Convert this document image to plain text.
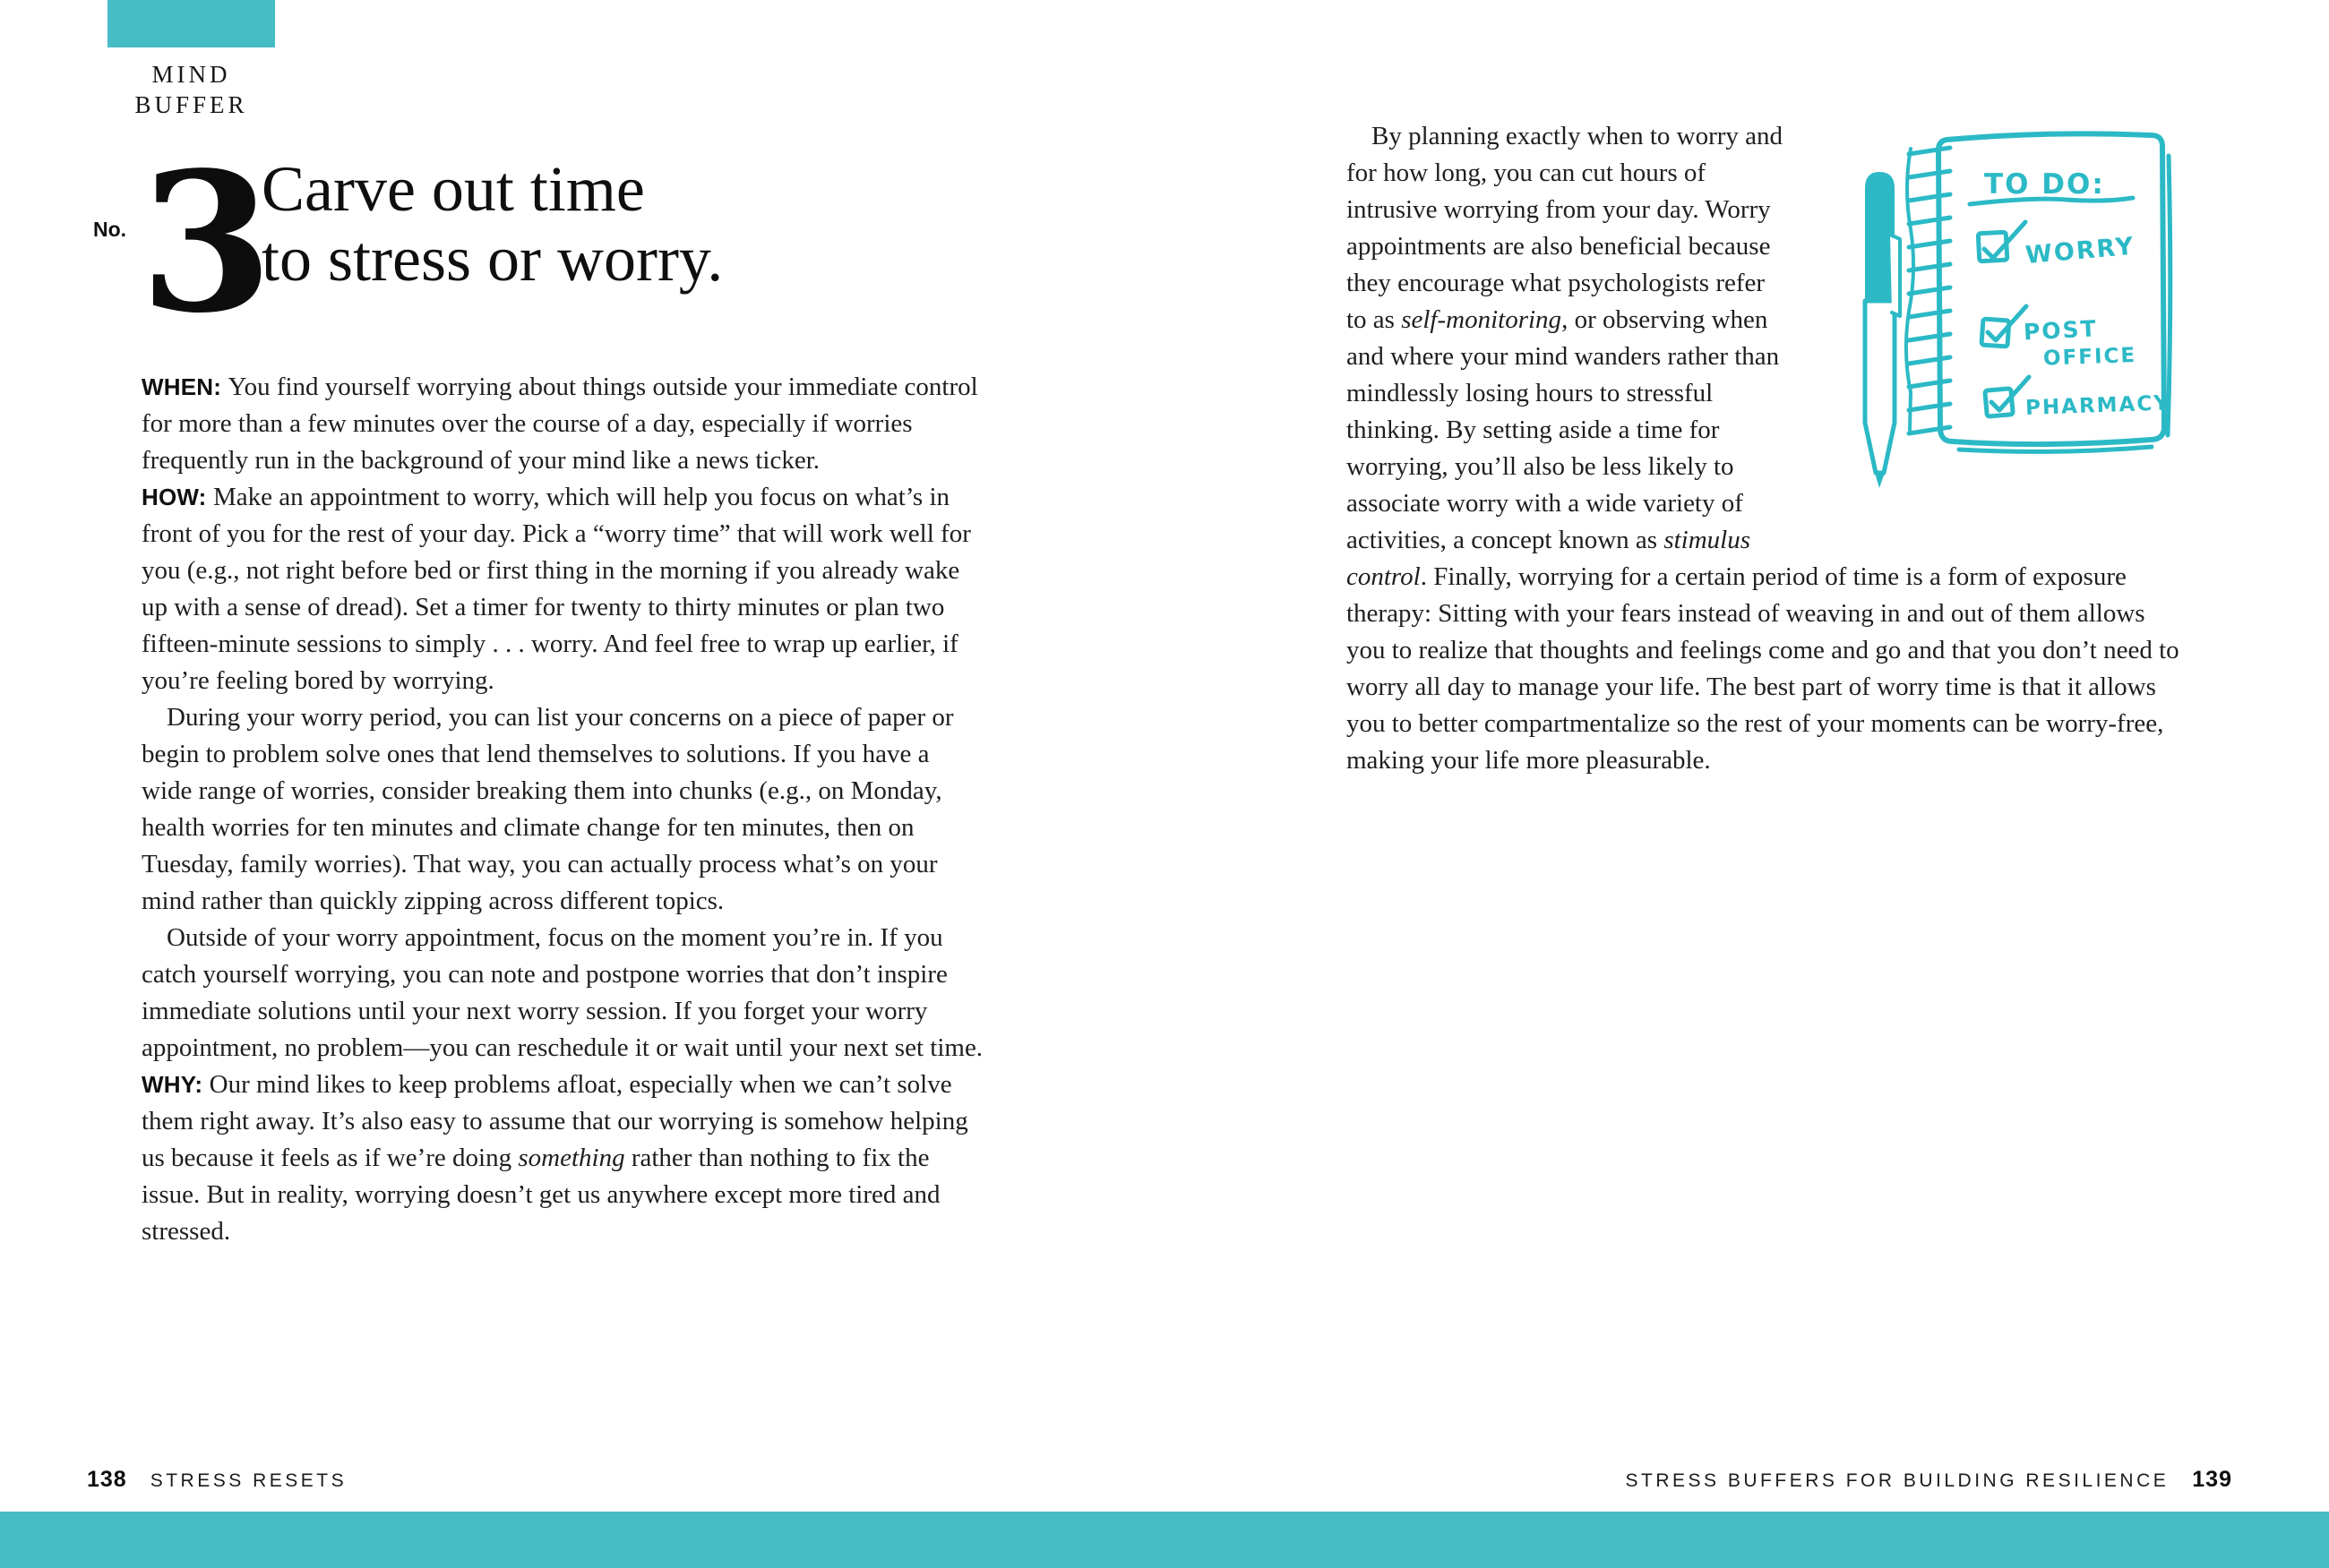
MIND
BUFFER
No. 3
Carve out time
to stress or worry.

WHEN: You find yourself worrying about things outside your immediate control for more than a few minutes over the course of a day, especially if worries frequently run in the background of your mind like a news ticker.

HOW: Make an appointment to worry, which will help you focus on what’s in front of you for the rest of your day. Pick a “worry time” that will work well for you (e.g., not right before bed or first thing in the morning if you already wake up with a sense of dread). Set a timer for twenty to thirty minutes or plan two fifteen-minute sessions to simply . . . worry. And feel free to wrap up earlier, if you’re feeling bored by worrying.

During your worry period, you can list your concerns on a piece of paper or begin to problem solve ones that lend themselves to solutions. If you have a wide range of worries, consider breaking them into chunks (e.g., on Monday, health worries for ten minutes and climate change for ten minutes, then on Tuesday, family worries). That way, you can actually process what’s on your mind rather than quickly zipping across different topics.

Outside of your worry appointment, focus on the moment you’re in. If you catch yourself worrying, you can note and postpone worries that don’t inspire immediate solutions until your next worry session. If you forget your worry appointment, no problem—you can reschedule it or wait until your next set time.

WHY: Our mind likes to keep problems afloat, especially when we can’t solve them right away. It’s also easy to assume that our worrying is somehow helping us because it feels as if we’re doing something rather than nothing to fix the issue. But in reality, worrying doesn’t get us anywhere except more tired and stressed.

138 STRESS RESETS
TO DO:
WORRY
POST
OFFICE
PHARMACY

By planning exactly when to worry and for how long, you can cut hours of intrusive worrying from your day. Worry appointments are also beneficial because they encourage what psychologists refer to as self-monitoring, or observing when and where your mind wanders rather than mindlessly losing hours to stressful thinking. By setting aside a time for worrying, you’ll also be less likely to associate worry with a wide variety of activities, a concept known as stimulus control. Finally, worrying for a certain period of time is a form of exposure therapy: Sitting with your fears instead of weaving in and out of them allows you to realize that thoughts and feelings come and go and that you don’t need to worry all day to manage your life. The best part of worry time is that it allows you to better compartmentalize so the rest of your moments can be worry-free, making your life more pleasurable.

STRESS BUFFERS FOR BUILDING RESILIENCE 139
